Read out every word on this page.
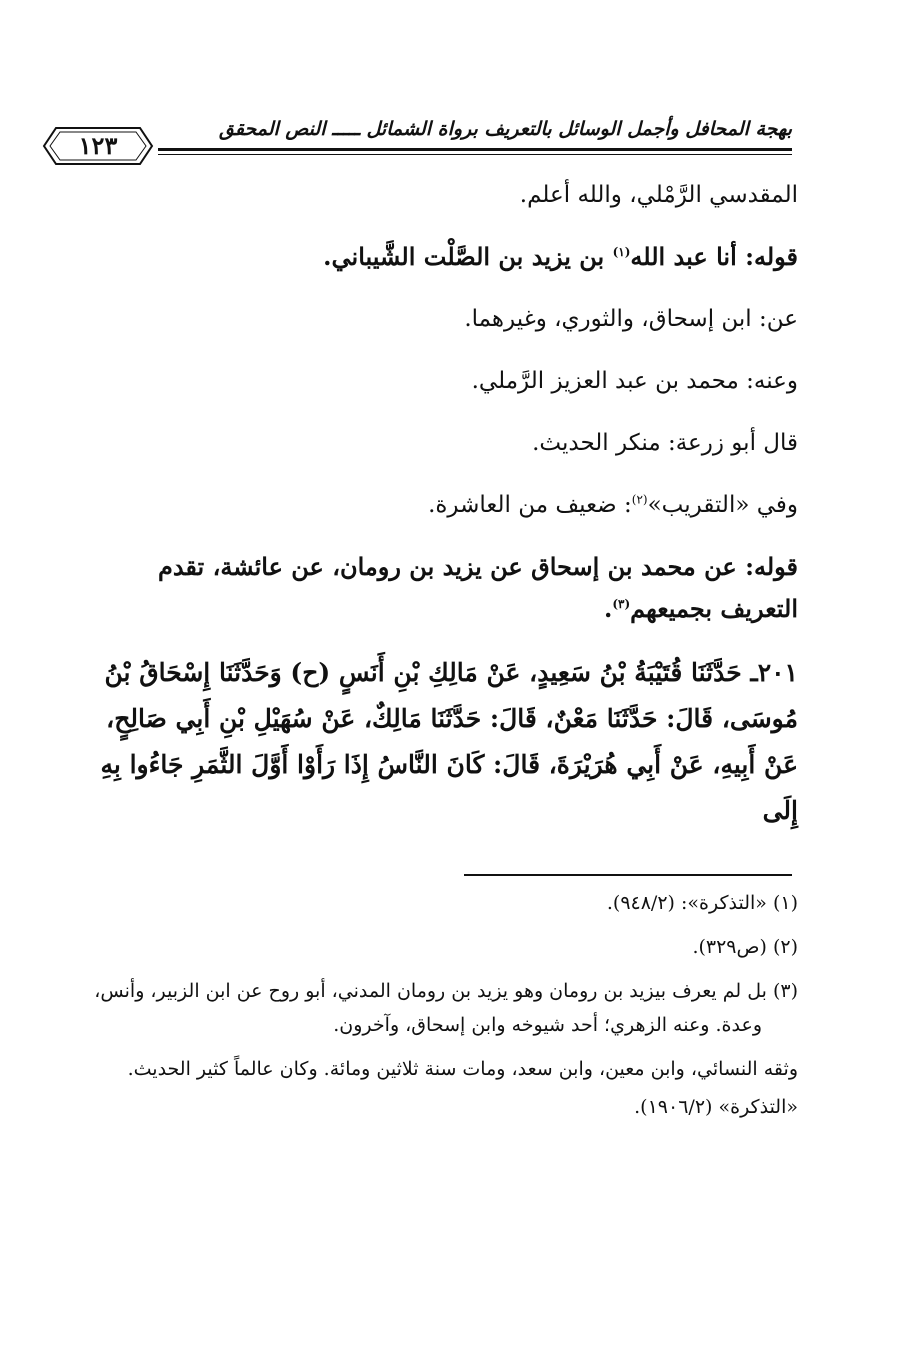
بهجة المحافل وأجمل الوسائل بالتعريف برواة الشمائل ـــــ النص المحقق
١٢٣

المقدسي الرَّمْلي، والله أعلم.

قوله: أنا عبد الله$^{(١)}$ بن يزيد بن الصَّلْت الشَّيباني.

عن: ابن إسحاق، والثوري، وغيرهما.

وعنه: محمد بن عبد العزيز الرَّملي.

قال أبو زرعة: منكر الحديث.

وفي «التقريب»$^{(٢)}$: ضعيف من العاشرة.

قوله: عن محمد بن إسحاق عن يزيد بن رومان، عن عائشة، تقدم التعريف بجميعهم$^{(٣)}$.

٢٠١ـ حَدَّثَنَا قُتَيْبَةُ بْنُ سَعِيدٍ، عَنْ مَالِكِ بْنِ أَنَسٍ (ح) وَحَدَّثَنَا إِسْحَاقُ بْنُ مُوسَى، قَالَ: حَدَّثَنَا مَعْنٌ، قَالَ: حَدَّثَنَا مَالِكٌ، عَنْ سُهَيْلِ بْنِ أَبِي صَالِحٍ، عَنْ أَبِيهِ، عَنْ أَبِي هُرَيْرَةَ، قَالَ: كَانَ النَّاسُ إِذَا رَأَوْا أَوَّلَ الثَّمَرِ جَاءُوا بِهِ إِلَى

(١) «التذكرة»: (٩٤٨/٢).

(٢) (ص٣٢٩).

(٣) بل لم يعرف بيزيد بن رومان وهو يزيد بن رومان المدني، أبو روح عن ابن الزبير، وأنس،

وعدة. وعنه الزهري؛ أحد شيوخه وابن إسحاق، وآخرون.

وثقه النسائي، وابن معين، وابن سعد، ومات سنة ثلاثين ومائة. وكان عالماً كثير الحديث.

«التذكرة» (١٩٠٦/٢).
